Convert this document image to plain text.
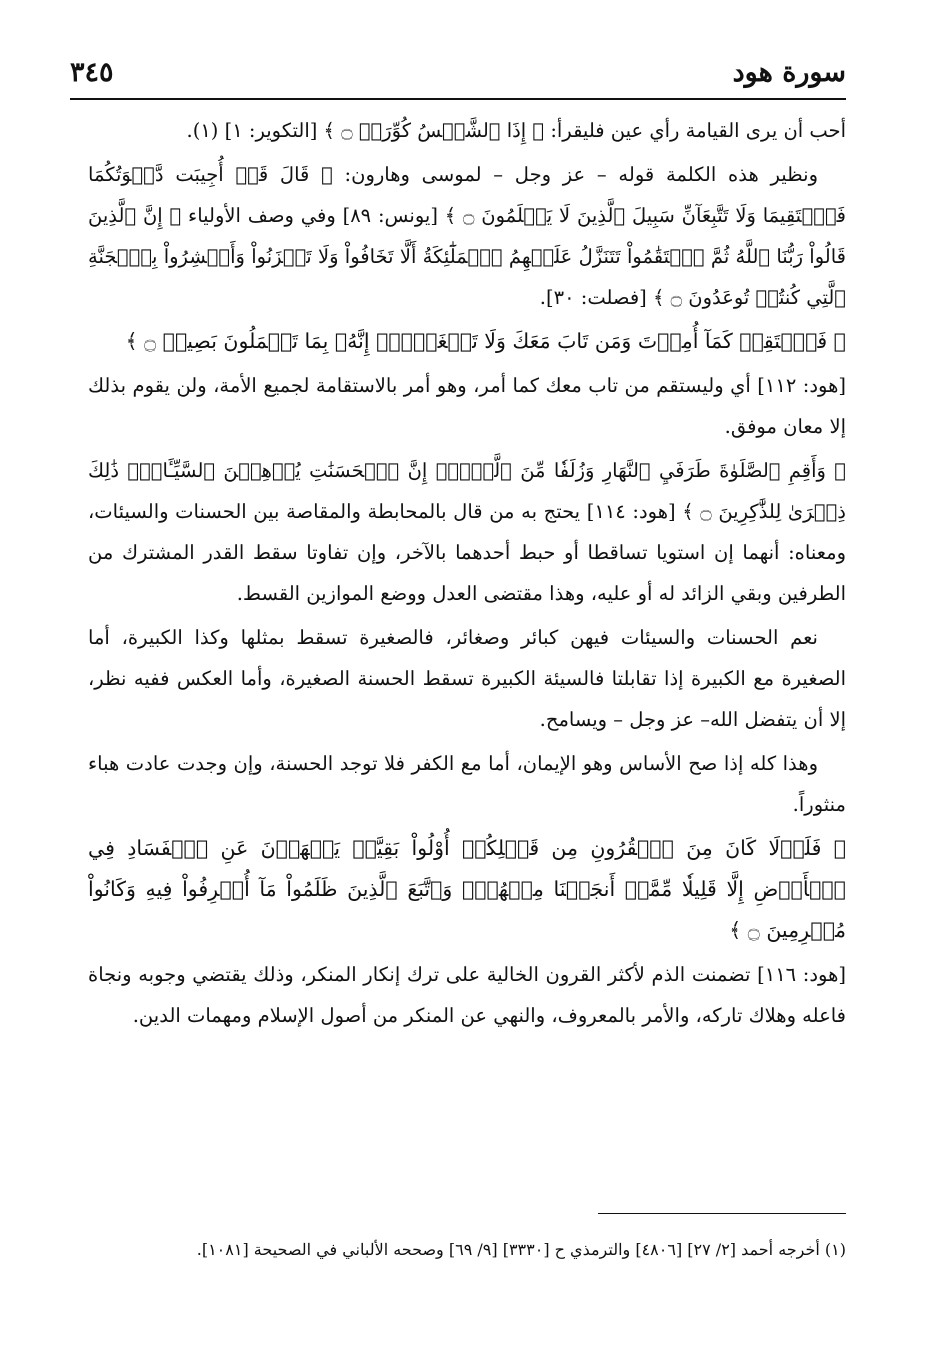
سورة هود
٣٤٥

أحب أن يرى القيامة رأي عين فليقرأ: ﴿ إِذَا ٱلشَّمۡسُ كُوِّرَتۡ ۝ ﴾ [التكوير: ١] (١).

ونظير هذه الكلمة قوله – عز وجل – لموسى وهارون: ﴿ قَالَ قَدۡ أُجِيبَت دَّعۡوَتُكُمَا فَٱسۡتَقِيمَا وَلَا تَتَّبِعَآنِّ سَبِيلَ ٱلَّذِينَ لَا يَعۡلَمُونَ ۝ ﴾ [يونس: ٨٩] وفي وصف الأولياء ﴿ إِنَّ ٱلَّذِينَ قَالُواْ رَبُّنَا ٱللَّهُ ثُمَّ ٱسۡتَقَٰمُواْ تَتَنَزَّلُ عَلَيۡهِمُ ٱلۡمَلَٰٓئِكَةُ أَلَّا تَخَافُواْ وَلَا تَحۡزَنُواْ وَأَبۡشِرُواْ بِٱلۡجَنَّةِ ٱلَّتِي كُنتُمۡ تُوعَدُونَ ۝ ﴾ [فصلت: ٣٠].

﴿ فَٱسۡتَقِمۡ كَمَآ أُمِرۡتَ وَمَن تَابَ مَعَكَ وَلَا تَطۡغَوۡاْۚ إِنَّهُۥ بِمَا تَعۡمَلُونَ بَصِيرٞ ۝ ﴾

[هود: ١١٢] أي وليستقم من تاب معك كما أمر، وهو أمر بالاستقامة لجميع الأمة، ولن يقوم بذلك إلا معان موفق.

﴿ وَأَقِمِ ٱلصَّلَوٰةَ طَرَفَيِ ٱلنَّهَارِ وَزُلَفٗا مِّنَ ٱلَّيۡلِۚ إِنَّ ٱلۡحَسَنَٰتِ يُذۡهِبۡنَ ٱلسَّيِّـَٔاتِۚ ذَٰلِكَ ذِكۡرَىٰ لِلذَّٰكِرِينَ ۝ ﴾ [هود: ١١٤] يحتج به من قال بالمحابطة والمقاصة بين الحسنات والسيئات، ومعناه: أنهما إن استويا تساقطا أو حبط أحدهما بالآخر، وإن تفاوتا سقط القدر المشترك من الطرفين وبقي الزائد له أو عليه، وهذا مقتضى العدل ووضع الموازين القسط.

نعم الحسنات والسيئات فيهن كبائر وصغائر، فالصغيرة تسقط بمثلها وكذا الكبيرة، أما الصغيرة مع الكبيرة إذا تقابلتا فالسيئة الكبيرة تسقط الحسنة الصغيرة، وأما العكس ففيه نظر، إلا أن يتفضل الله– عز وجل – ويسامح.

وهذا كله إذا صح الأساس وهو الإيمان، أما مع الكفر فلا توجد الحسنة، وإن وجدت عادت هباء منثوراً.

﴿ فَلَوۡلَا كَانَ مِنَ ٱلۡقُرُونِ مِن قَبۡلِكُمۡ أُوْلُواْ بَقِيَّةٖ يَنۡهَوۡنَ عَنِ ٱلۡفَسَادِ فِي ٱلۡأَرۡضِ إِلَّا قَلِيلٗا مِّمَّنۡ أَنجَيۡنَا مِنۡهُمۡۗ وَٱتَّبَعَ ٱلَّذِينَ ظَلَمُواْ مَآ أُتۡرِفُواْ فِيهِ وَكَانُواْ مُجۡرِمِينَ ۝ ﴾

[هود: ١١٦] تضمنت الذم لأكثر القرون الخالية على ترك إنكار المنكر، وذلك يقتضي وجوبه ونجاة فاعله وهلاك تاركه، والأمر بالمعروف، والنهي عن المنكر من أصول الإسلام ومهمات الدين.

(١) أخرجه أحمد [٢/ ٢٧] [٤٨٠٦] والترمذي ح [٣٣٣٠] [٩/ ٦٩] وصححه الألباني في الصحيحة [١٠٨١].
